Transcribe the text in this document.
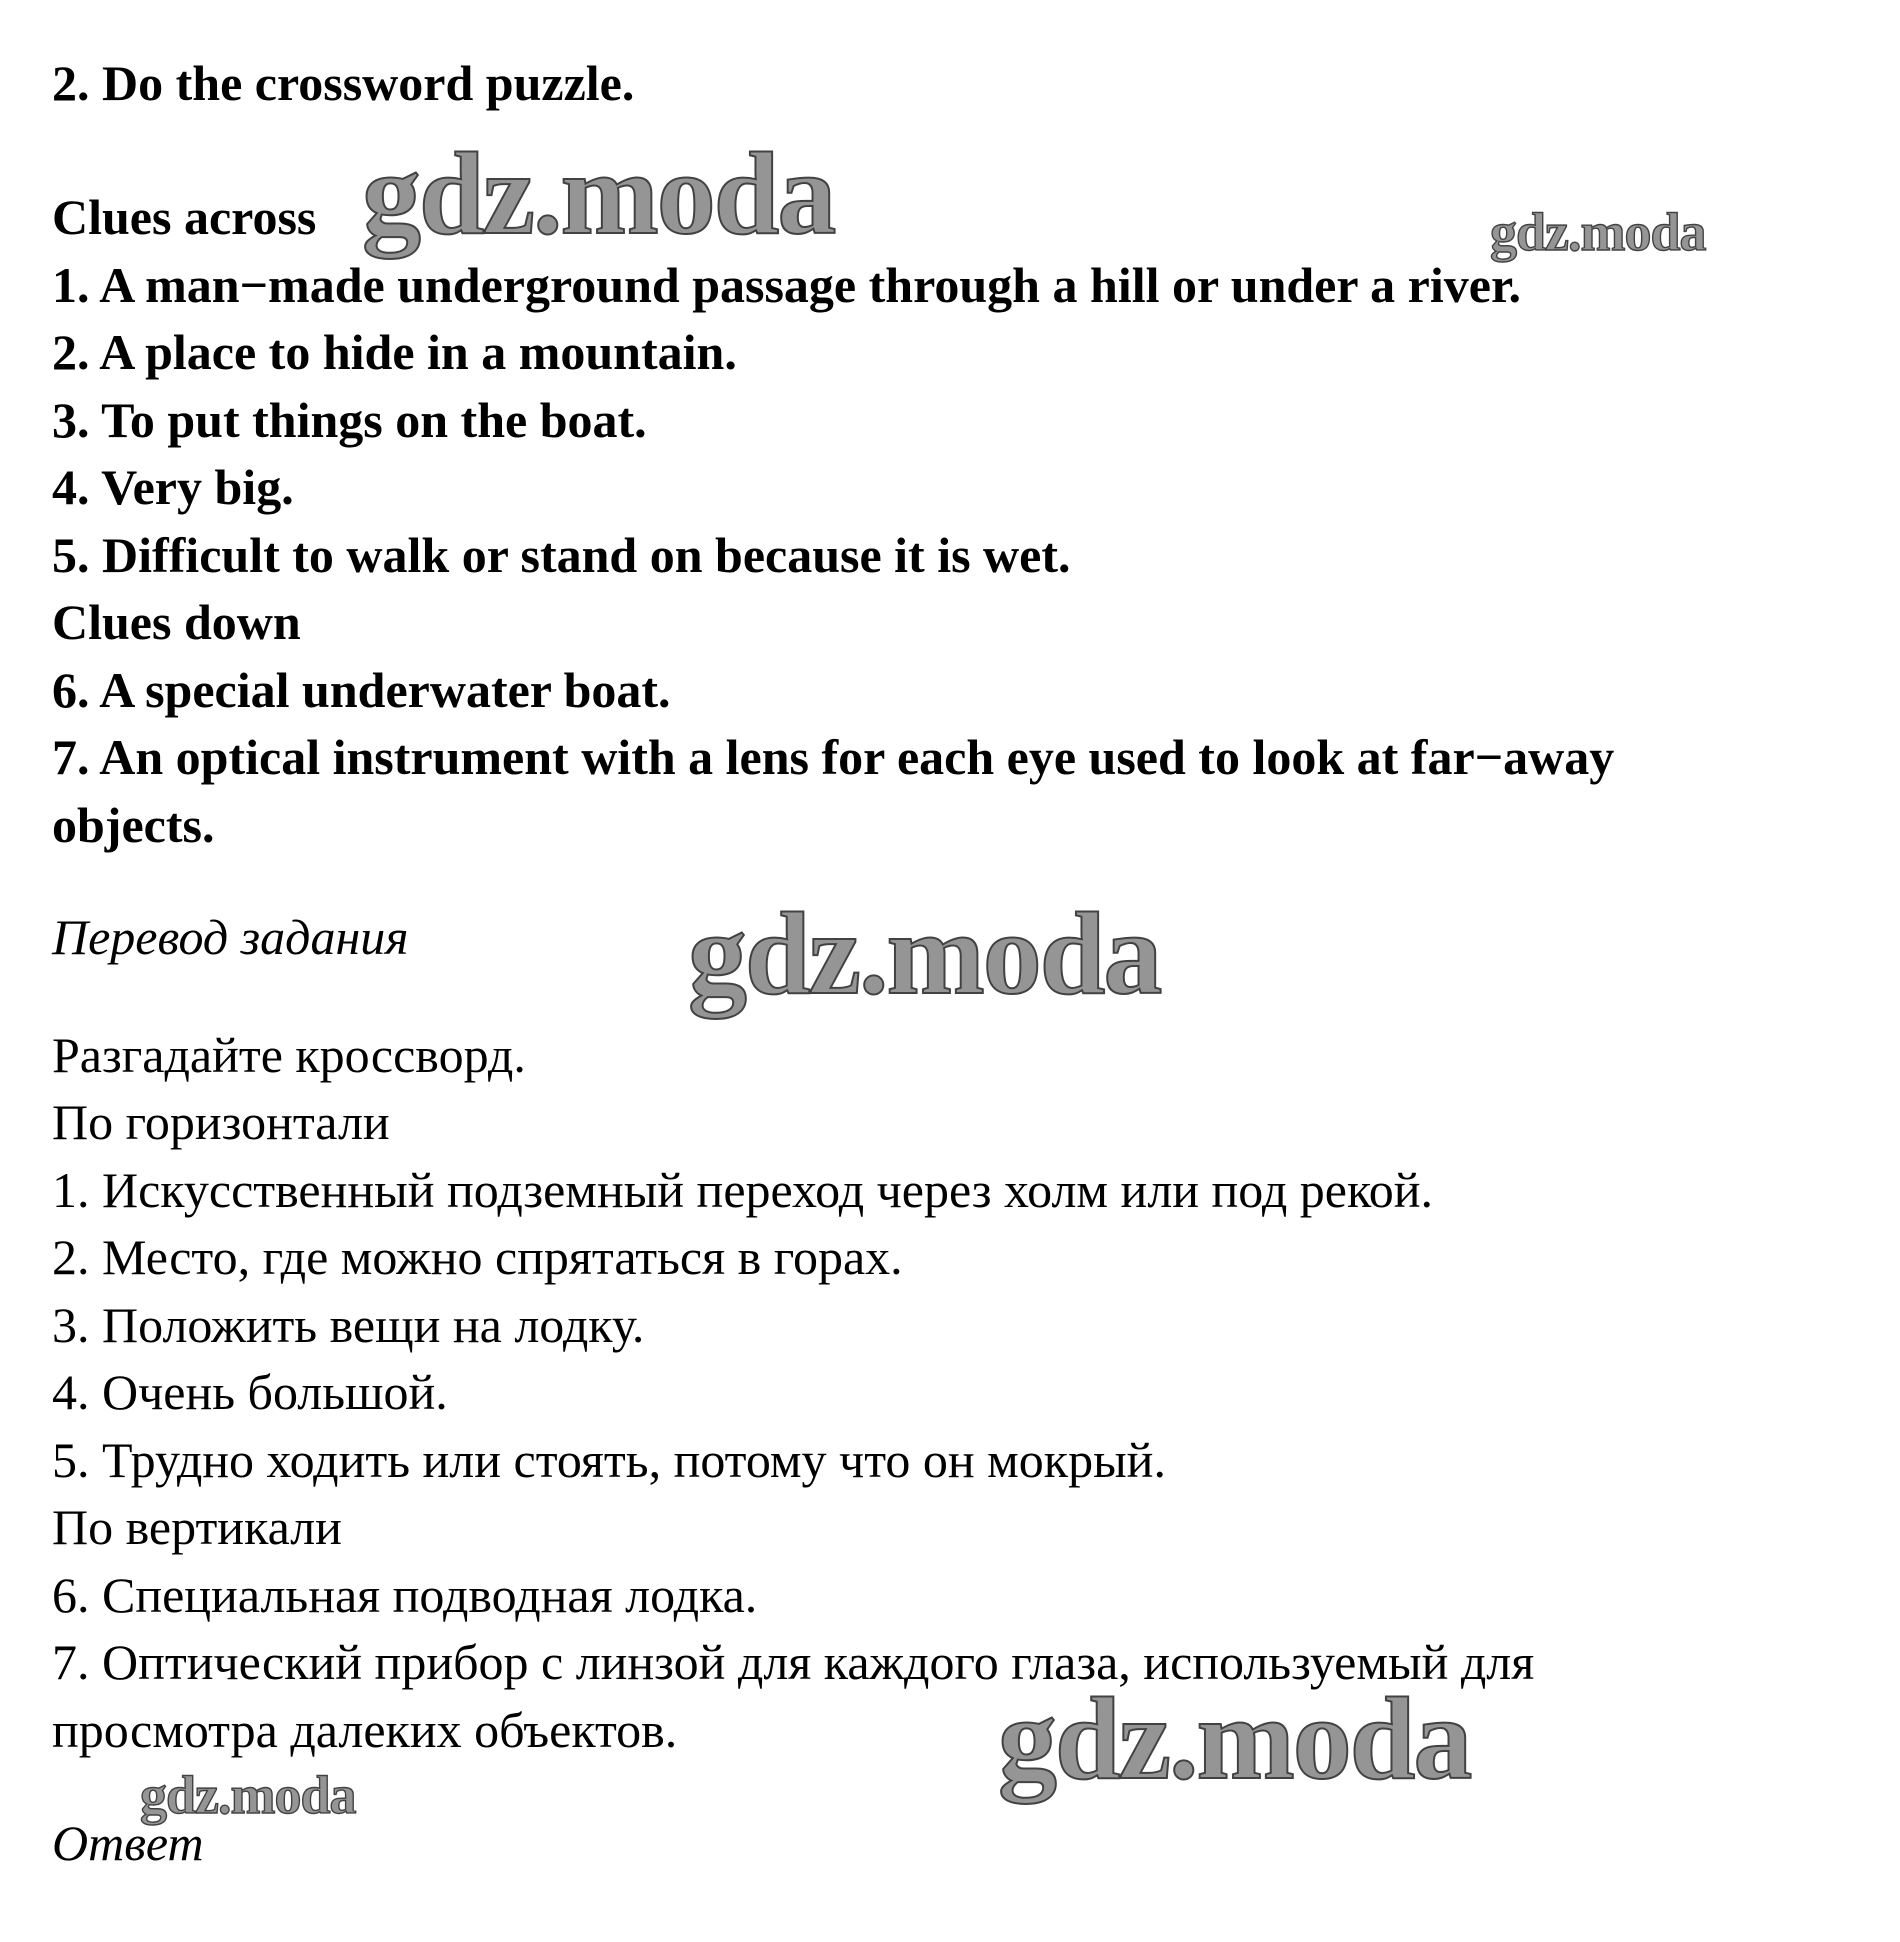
2. Do the crossword puzzle.
Clues across
1. A man−made underground passage through a hill or under a river.
2. A place to hide in a mountain.
3. To put things on the boat.
4. Very big.
5. Difficult to walk or stand on because it is wet.
Clues down
6. A special underwater boat.
7. An optical instrument with a lens for each eye used to look at far−away
objects.
Перевод задания
Разгадайте кроссворд.
По горизонтали
1. Искусственный подземный переход через холм или под рекой.
2. Место, где можно спрятаться в горах.
3. Положить вещи на лодку.
4. Очень большой.
5. Трудно ходить или стоять, потому что он мокрый.
По вертикали
6. Специальная подводная лодка.
7. Оптический прибор с линзой для каждого глаза, используемый для
просмотра далеких объектов.
Ответ
gdz.moda	gdz.moda
gdz.moda
gdz.moda
gdz.moda
